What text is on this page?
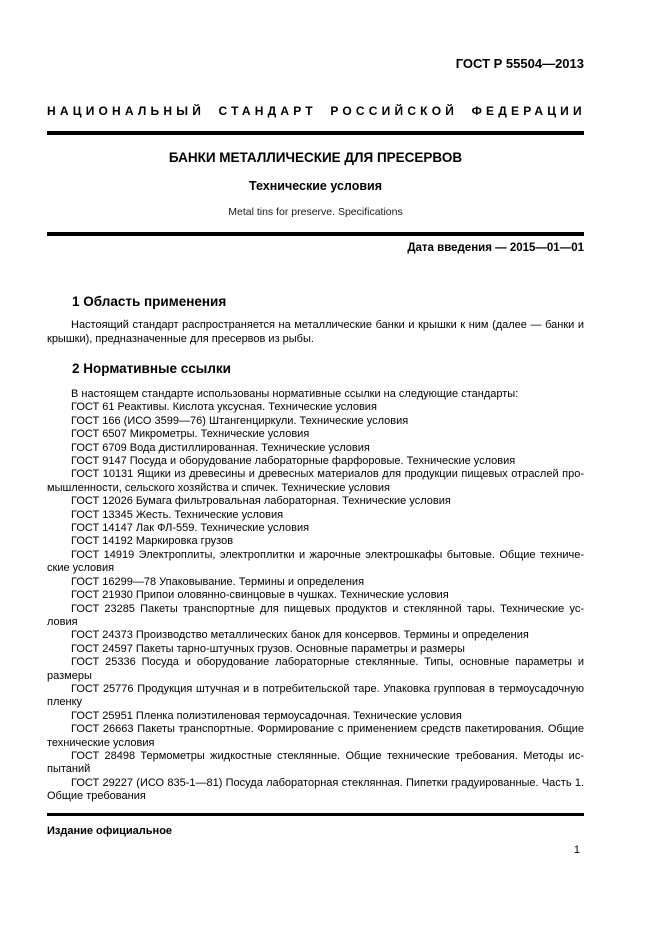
ГОСТ Р 55504—2013
НАЦИОНАЛЬНЫЙ СТАНДАРТ РОССИЙСКОЙ ФЕДЕРАЦИИ
БАНКИ МЕТАЛЛИЧЕСКИЕ ДЛЯ ПРЕСЕРВОВ
Технические условия
Metal tins for preserve. Specifications
Дата введения — 2015—01—01
1 Область применения

Настоящий стандарт распространяется на металлические банки и крышки к ним (далее — банки и крышки), предназначенные для пресервов из рыбы.

2 Нормативные ссылки

В настоящем стандарте использованы нормативные ссылки на следующие стандарты:

ГОСТ 61 Реактивы. Кислота уксусная. Технические условия

ГОСТ 166 (ИСО 3599—76) Штангенциркули. Технические условия

ГОСТ 6507 Микрометры. Технические условия

ГОСТ 6709 Вода дистиллированная. Технические условия

ГОСТ 9147 Посуда и оборудование лабораторные фарфоровые. Технические условия

ГОСТ 10131 Ящики из древесины и древесных материалов для продукции пищевых отраслей промышленности, сельского хозяйства и спичек. Технические условия

ГОСТ 12026 Бумага фильтровальная лабораторная. Технические условия

ГОСТ 13345 Жесть. Технические условия

ГОСТ 14147 Лак ФЛ-559. Технические условия

ГОСТ 14192 Маркировка грузов

ГОСТ 14919 Электроплиты, электроплитки и жарочные электрошкафы бытовые. Общие технические условия

ГОСТ 16299—78 Упаковывание. Термины и определения

ГОСТ 21930 Припои оловянно-свинцовые в чушках. Технические условия

ГОСТ 23285 Пакеты транспортные для пищевых продуктов и стеклянной тары. Технические условия

ГОСТ 24373 Производство металлических банок для консервов. Термины и определения

ГОСТ 24597 Пакеты тарно-штучных грузов. Основные параметры и размеры

ГОСТ 25336 Посуда и оборудование лабораторные стеклянные. Типы, основные параметры и размеры

ГОСТ 25776 Продукция штучная и в потребительской таре. Упаковка групповая в термоусадочную пленку

ГОСТ 25951 Пленка полиэтиленовая термоусадочная. Технические условия

ГОСТ 26663 Пакеты транспортные. Формирование с применением средств пакетирования. Общие технические условия

ГОСТ 28498 Термометры жидкостные стеклянные. Общие технические требования. Методы испытаний

ГОСТ 29227 (ИСО 835-1—81) Посуда лабораторная стеклянная. Пипетки градуированные. Часть 1. Общие требования

Издание официальное
1
